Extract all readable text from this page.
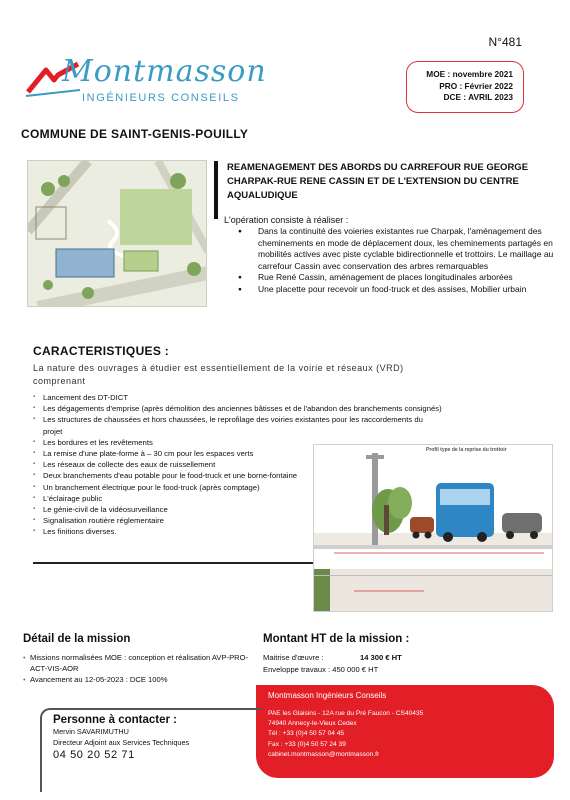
N°481
Montmasson
INGÉNIEURS CONSEILS
MOE : novembre 2021
PRO : Février 2022
DCE : AVRIL 2023
COMMUNE DE SAINT-GENIS-POUILLY
REAMENAGEMENT DES ABORDS DU CARREFOUR RUE GEORGE CHARPAK-RUE RENE CASSIN ET DE L'EXTENSION DU CENTRE AQUALUDIQUE
L'opération consiste à réaliser :
● Dans la continuité des voieries existantes rue Charpak, l'aménagement des cheminements en mode de déplacement doux, les cheminements partagés en mobilités actives avec piste cyclable bidirectionnelle et trottoirs. Le maillage au carrefour Cassin avec conservation des arbres remarquables
● Rue René Cassin, aménagement de places longitudinales arborées
● Une placette pour recevoir un food-truck et des assises, Mobilier urbain
CARACTERISTIQUES :
La nature des ouvrages à étudier est essentiellement de la voirie et réseaux (VRD) comprenant
▪ Lancement des DT-DICT
▪ Les dégagements d'emprise (après démolition des anciennes bâtisses et de l'abandon des branchements consignés)
▪ Les structures de chaussées et hors chaussées, le reprofilage des voiries existantes pour les raccordements du projet
▪ Les bordures et les revêtements
▪ La remise d'une plate-forme à – 30 cm pour les espaces verts
▪ Les réseaux de collecte des eaux de ruissellement
▪ Deux branchements d'eau potable pour le food-truck et une borne-fontaine
▪ Un branchement électrique pour le food-truck (après comptage)
▪ L'éclairage public
▪ Le génie-civil de la vidéosurveillance
▪ Signalisation routière réglementaire
▪ Les finitions diverses.
Profil type de la reprise du trottoir
Détail de la mission
• Missions normalisées MOE : conception et réalisation AVP-PRO-ACT-VIS-AOR
• Avancement au 12-05-2023 : DCE 100%
Montant HT de la mission :
Maitrise d'œuvre :	14 300 € HT
Enveloppe travaux : 450 000 € HT
Montmasson Ingénieurs Conseils
PAE les Glaisins - 12A rue du Pré Faucon - CS40435
74940 Annecy-le-Vieux Cedex
Tél : +33 (0)4 50 57 04 45
Fax : +33 (0)4 50 57 24 39
cabinet.montmasson@montmasson.fr
Personne à contacter :
Mervin SAVARIMUTHU
Directeur Adjoint aux Services Techniques
04 50 20 52 71
